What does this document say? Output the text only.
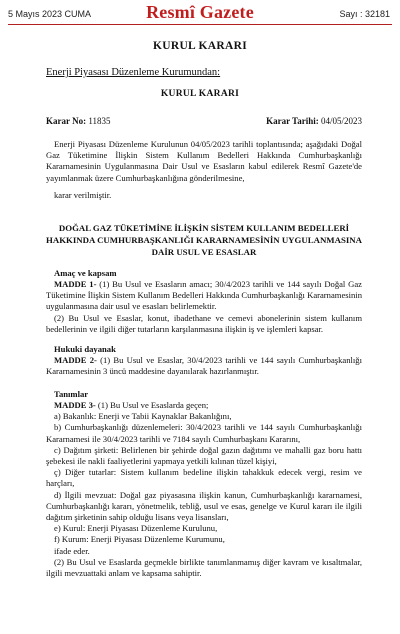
5 Mayıs 2023 CUMA	Resmî Gazete	Sayı : 32181
KURUL KARARI
Enerji Piyasası Düzenleme Kurumundan:
KURUL KARARI
Karar No: 11835	Karar Tarihi: 04/05/2023
Enerji Piyasası Düzenleme Kurulunun 04/05/2023 tarihli toplantısında; aşağıdaki Doğal
Gaz Tüketimine İlişkin Sistem Kullanım Bedelleri Hakkında Cumhurbaşkanlığı
Kararnamesinin Uygulanmasına Dair Usul ve Esasların kabul edilerek Resmî Gazete'de
yayımlanmak üzere Cumhurbaşkanlığına gönderilmesine,
karar verilmiştir.
DOĞAL GAZ TÜKETİMİNE İLİŞKİN SİSTEM KULLANIM BEDELLERİ
HAKKINDA CUMHURBAŞKANLIĞI KARARNAMESİNİN UYGULANMASINA
DAİR USUL VE ESASLAR
Amaç ve kapsam
MADDE 1- (1) Bu Usul ve Esasların amacı; 30/4/2023 tarihli ve 144 sayılı Doğal Gaz
Tüketimine İlişkin Sistem Kullanım Bedelleri Hakkında Cumhurbaşkanlığı Kararnamesinin
uygulanmasına dair usul ve esasları belirlemektir.
(2) Bu Usul ve Esaslar, konut, ibadethane ve cemevi abonelerinin sistem kullanım
bedellerinin ve ilgili diğer tutarların karşılanmasına ilişkin iş ve işlemleri kapsar.
Hukuki dayanak
MADDE 2- (1) Bu Usul ve Esaslar, 30/4/2023 tarihli ve 144 sayılı Cumhurbaşkanlığı
Kararnamesinin 3 üncü maddesine dayanılarak hazırlanmıştır.
Tanımlar
MADDE 3- (1) Bu Usul ve Esaslarda geçen;
a) Bakanlık: Enerji ve Tabii Kaynaklar Bakanlığını,
b) Cumhurbaşkanlığı düzenlemeleri: 30/4/2023 tarihli ve 144 sayılı Cumhurbaşkanlığı
Kararnamesi ile 30/4/2023 tarihli ve 7184 sayılı Cumhurbaşkanı Kararını,
c) Dağıtım şirketi: Belirlenen bir şehirde doğal gazın dağıtımı ve mahalli gaz boru hattı
şebekesi ile nakli faaliyetlerini yapmaya yetkili kılınan tüzel kişiyi,
ç) Diğer tutarlar: Sistem kullanım bedeline ilişkin tahakkuk edecek vergi, resim ve
harçları,
d) İlgili mevzuat: Doğal gaz piyasasına ilişkin kanun, Cumhurbaşkanlığı kararnamesi,
Cumhurbaşkanlığı kararı, yönetmelik, tebliğ, usul ve esas, genelge ve Kurul kararı ile ilgili
dağıtım şirketinin sahip olduğu lisans veya lisansları,
e) Kurul: Enerji Piyasası Düzenleme Kurulunu,
f) Kurum: Enerji Piyasası Düzenleme Kurumunu,
ifade eder.
(2) Bu Usul ve Esaslarda geçmekle birlikte tanımlanmamış diğer kavram ve kısaltmalar,
ilgili mevzuattaki anlam ve kapsama sahiptir.
